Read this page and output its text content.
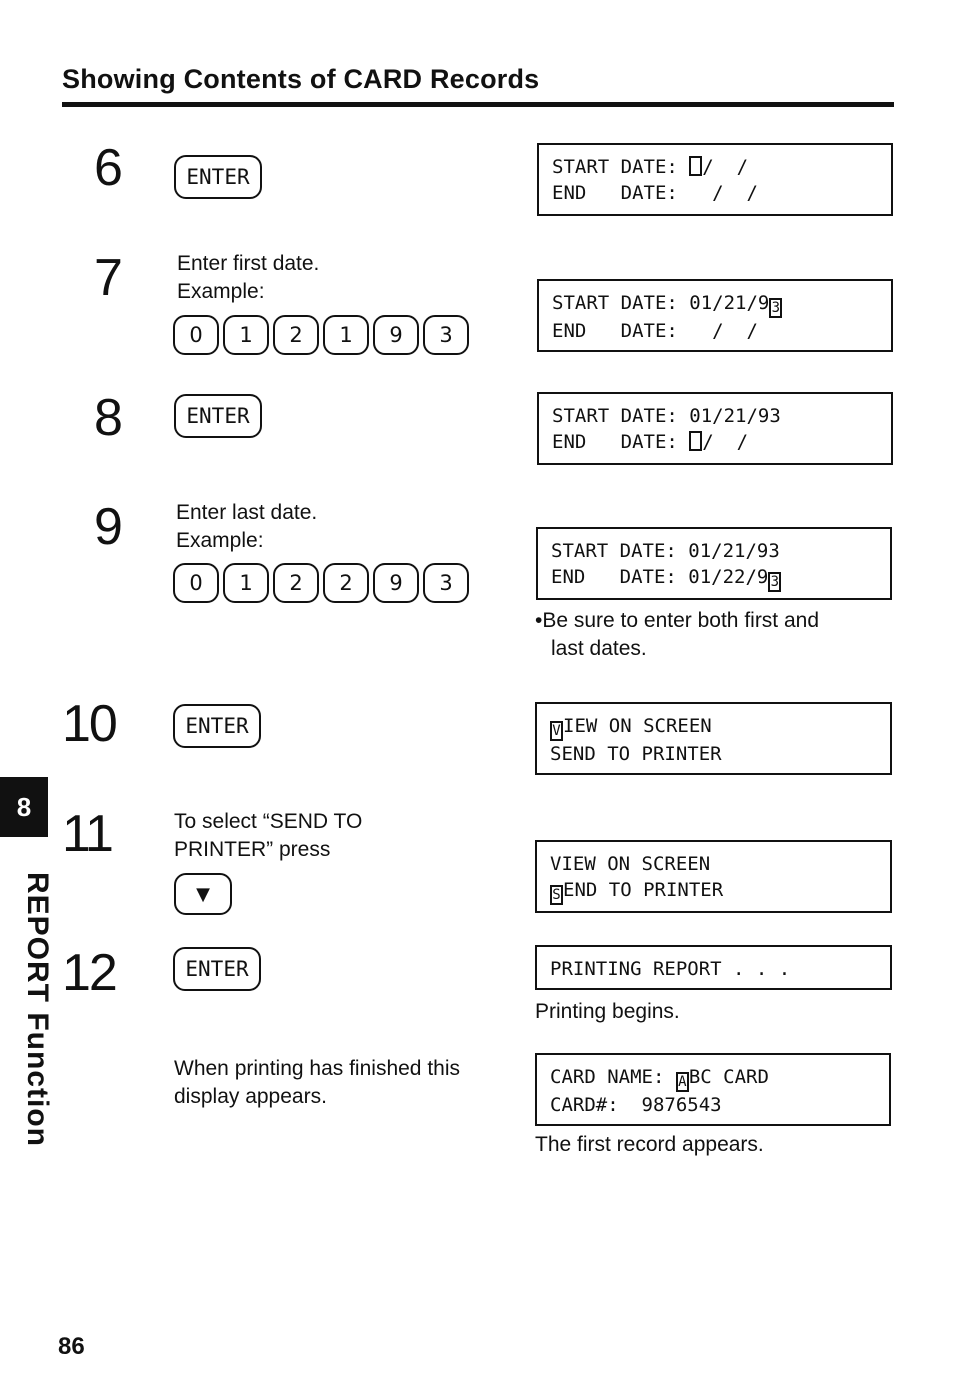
Showing Contents of CARD Records
6	ENTER	START DATE: /  /
END   DATE:   /  /
7	Enter first date.
Example:
0	1	2	1	9	3
START DATE: 01/21/9 3
END   DATE:   /  /
8	ENTER	START DATE: 01/21/93
END   DATE: /  /
9	Enter last date.
Example:
0	1	2	2	9	3
START DATE: 01/21/93
END   DATE: 01/22/9 3
•Be sure to enter both first and
last dates.
10	ENTER	V IEW ON SCREEN
SEND TO PRINTER
11	To select “SEND TO
PRINTER” press
▼
VIEW ON SCREEN
S END TO PRINTER
12	ENTER	PRINTING REPORT . . .
Printing begins.
When printing has finished this
display appears.
CARD NAME: A BC CARD
CARD#:  9876543
The first record appears.
8
REPORT Function
86
